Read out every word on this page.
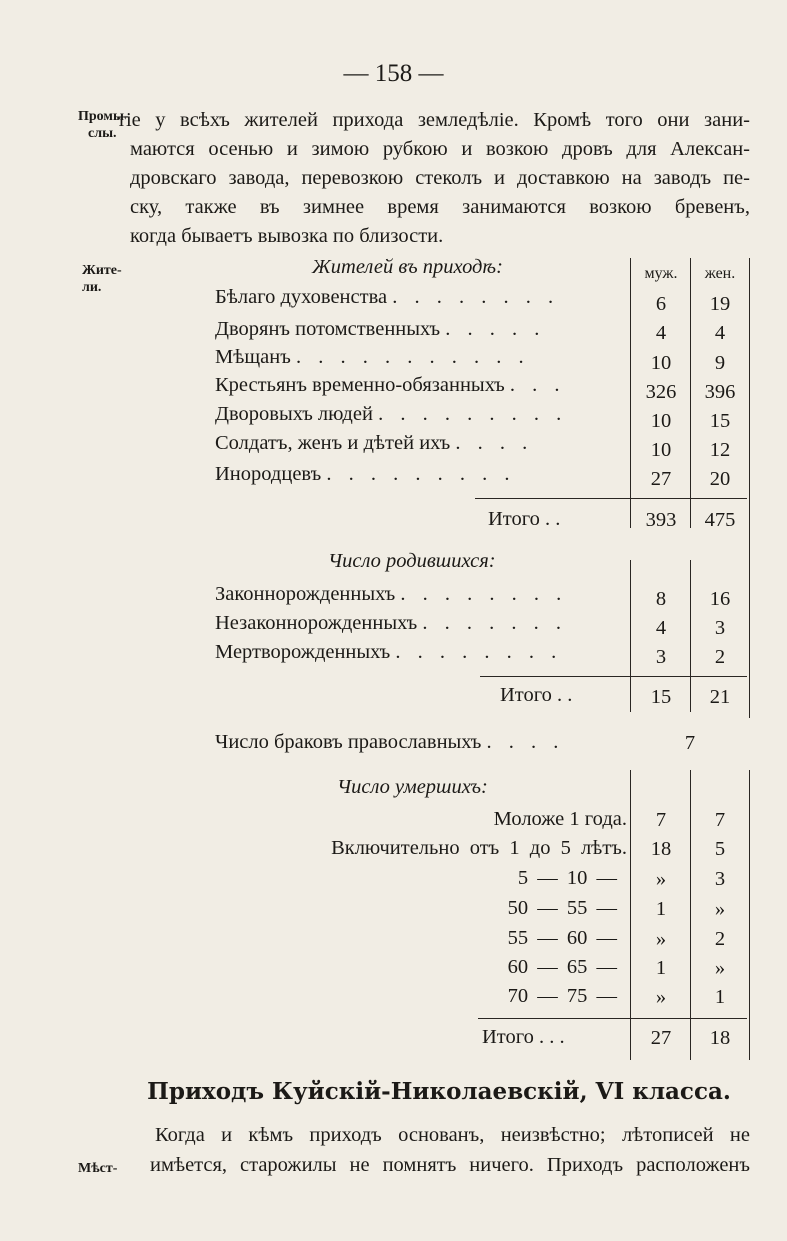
— 158 —
Промы-
слы.
тіе у всѣхъ жителей прихода земледѣліе. Кромѣ того они зани-
маются осенью и зимою рубкою и возкою дровъ для Алексан-
дровскаго завода, перевозкою стеколъ и доставкою на заводъ пе-
ску, также въ зимнее время занимаются возкою бревенъ,
когда бываетъ вывозка по близости.
Жите-
ли.
Жителей въ приходѣ:	муж.	жен.
Бѣлаго духовенства . . . . . . . .	6	19
Дворянъ потомственныхъ . . . . .	4	4
Мѣщанъ . . . . . . . . . . .	10	9
Крестьянъ временно-обязанныхъ . . .	326	396
Дворовыхъ людей . . . . . . . . .	10	15
Солдатъ, женъ и дѣтей ихъ . . . .	10	12
Инородцевъ . . . . . . . . .	27	20
Итого . .	393	475
Число родившихся:
Законнорожденныхъ . . . . . . . .	8	16
Незаконнорожденныхъ . . . . . . .	4	3
Мертворожденныхъ . . . . . . . .	3	2
Итого . .	15	21
Число браковъ православныхъ . . . .	7
Число умершихъ:
Моложе 1 года.	7	7
Включительно отъ 1 до 5 лѣтъ.	18	5
5 — 10 —	»	3
50 — 55 —	1	»
55 — 60 —	»	2
60 — 65 —	1	»
70 — 75 —	»	1
Итого . . .	27	18
Приходъ Куйскій-Николаевскій, VI класса.
Мѣст-
Когда и кѣмъ приходъ основанъ, неизвѣстно; лѣтописей не
имѣется, старожилы не помнятъ ничего. Приходъ расположенъ
